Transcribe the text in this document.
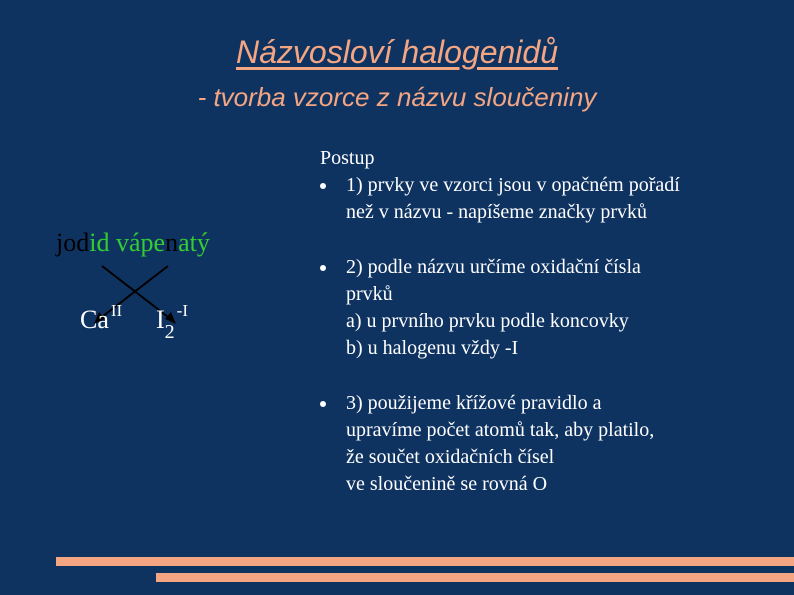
Názvosloví halogenidů
- tvorba vzorce z názvu sloučeniny
jodid vápenatý
Ca $^{II}$ $I_2^{-I}$

Postup

1) prvky ve vzorci jsou v opačném pořadí
než v názvu - napíšeme značky prvků
2) podle názvu určíme oxidační čísla
prvků
a) u prvního prvku podle koncovky
b) u halogenu vždy -I
3) použijeme křížové pravidlo a
upravíme počet atomů tak, aby platilo,
že součet oxidačních čísel
ve sloučenině se rovná O
